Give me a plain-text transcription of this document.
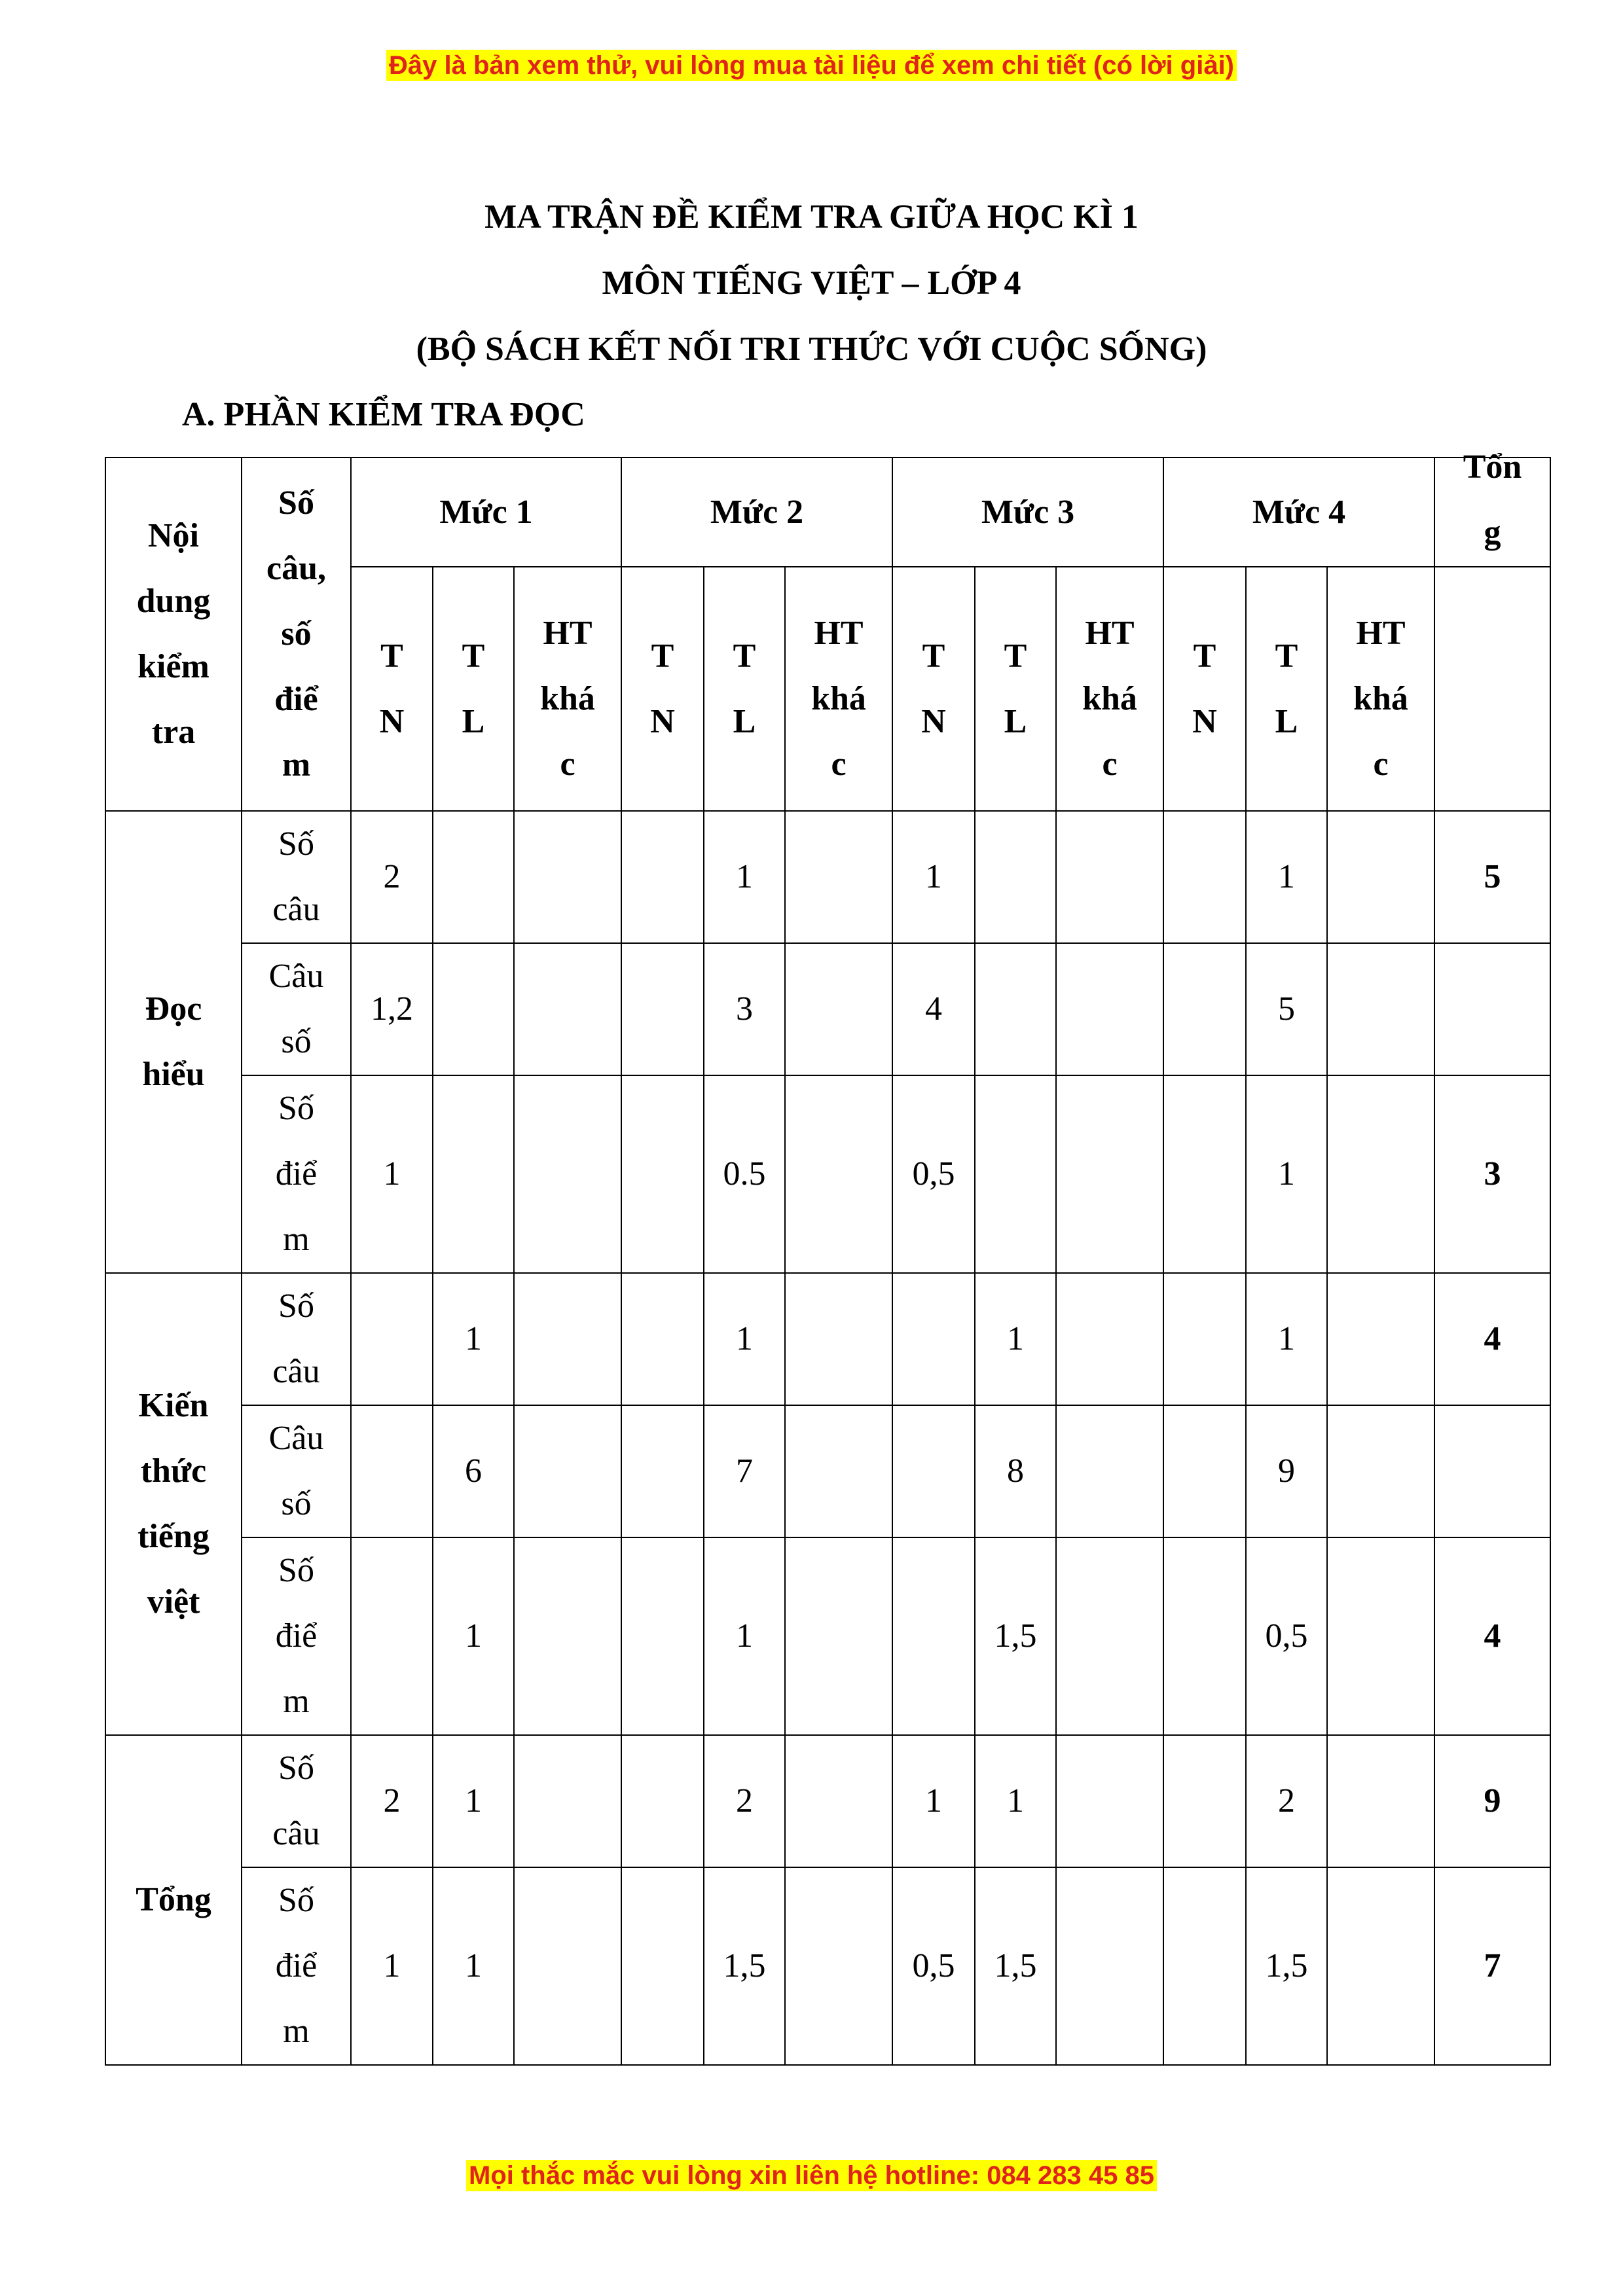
Đây là bản xem thử, vui lòng mua tài liệu để xem chi tiết (có lời giải)
MA TRẬN ĐỀ KIỂM TRA GIỮA HỌC KÌ 1
MÔN TIẾNG VIỆT – LỚP 4
(BỘ SÁCH KẾT NỐI TRI THỨC VỚI CUỘC SỐNG)
A. PHẦN KIỂM TRA ĐỌC
Nội
dung
kiểm
tra	Số
câu,
số
điể
m	Mức 1			Mức 2			Mức 3			Mức 4			Tổn
g

		T
N	T
L	HT
khá
c	T
N	T
L	HT
khá
c	T
N	T
L	HT
khá
c	T
N	T
L	HT
khá
c	

Đọc
hiểu	Số
câu	2				1		1				1		5

	Câu
số	1,2				3		4				5		

	Số
điể
m	1				0.5		0,5				1		3
Kiến
thức
tiếng
việt	Số
câu		1			1			1			1		4

	Câu
số		6			7			8			9		

	Số
điể
m		1			1			1,5			0,5		4
Tổng	Số
câu	2	1			2		1	1			2		9

	Số
điể
m	1	1			1,5		0,5	1,5			1,5		7
Mọi thắc mắc vui lòng xin liên hệ hotline: 084 283 45 85
